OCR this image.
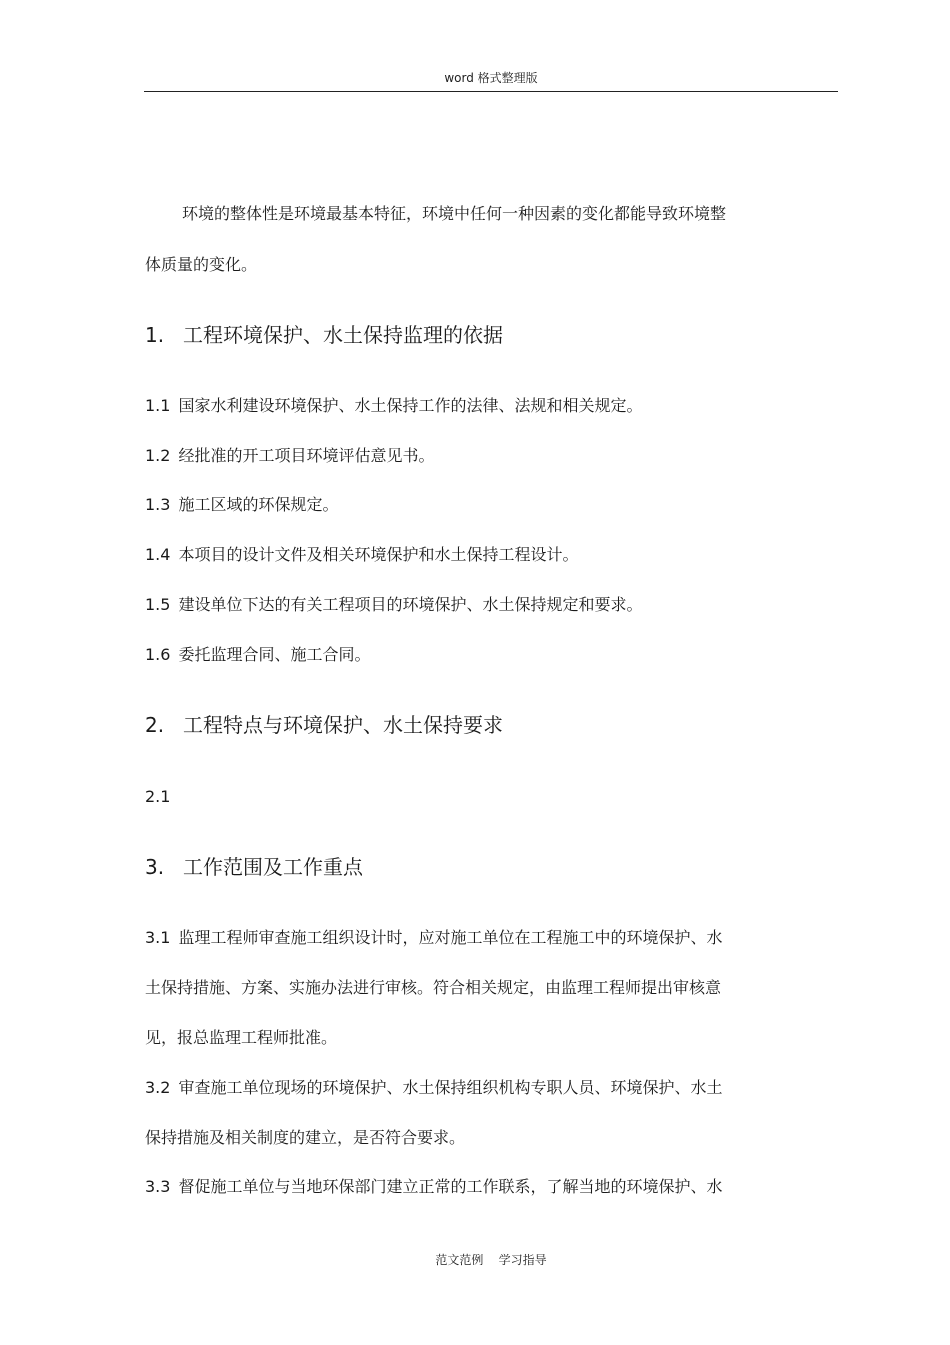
word 格式整理版
环境的整体性是环境最基本特征，环境中任何一种因素的变化都能导致环境整
体质量的变化。
1. 工程环境保护、水土保持监理的依据
1.1 国家水利建设环境保护、水土保持工作的法律、法规和相关规定。
1.2 经批准的开工项目环境评估意见书。
1.3 施工区域的环保规定。
1.4 本项目的设计文件及相关环境保护和水土保持工程设计。
1.5 建设单位下达的有关工程项目的环境保护、水土保持规定和要求。
1.6 委托监理合同、施工合同。
2. 工程特点与环境保护、水土保持要求
2.1
3. 工作范围及工作重点
3.1 监理工程师审查施工组织设计时，应对施工单位在工程施工中的环境保护、水
土保持措施、方案、实施办法进行审核。符合相关规定，由监理工程师提出审核意
见，报总监理工程师批准。
3.2 审查施工单位现场的环境保护、水土保持组织机构专职人员、环境保护、水土
保持措施及相关制度的建立，是否符合要求。
3.3 督促施工单位与当地环保部门建立正常的工作联系，了解当地的环境保护、水
范文范例    学习指导
